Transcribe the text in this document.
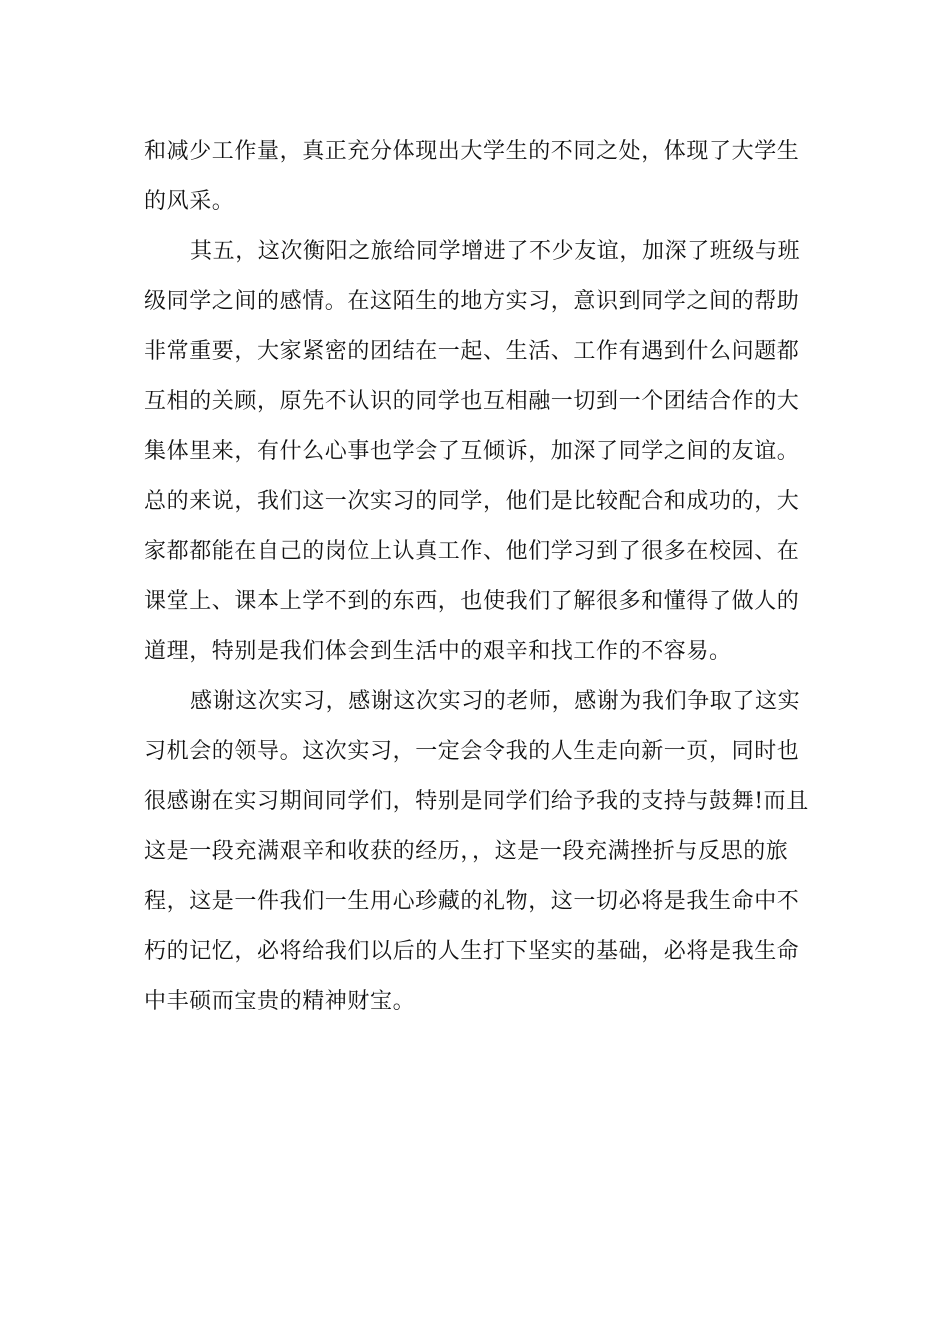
和减少工作量，真正充分体现出大学生的不同之处，体现了大学生
的风采。
其五，这次衡阳之旅给同学增进了不少友谊，加深了班级与班
级同学之间的感情。在这陌生的地方实习，意识到同学之间的帮助
非常重要，大家紧密的团结在一起、生活、工作有遇到什么问题都
互相的关顾，原先不认识的同学也互相融一切到一个团结合作的大
集体里来，有什么心事也学会了互倾诉，加深了同学之间的友谊。
总的来说，我们这一次实习的同学，他们是比较配合和成功的，大
家都都能在自己的岗位上认真工作、他们学习到了很多在校园、在
课堂上、课本上学不到的东西，也使我们了解很多和懂得了做人的
道理，特别是我们体会到生活中的艰辛和找工作的不容易。
感谢这次实习，感谢这次实习的老师，感谢为我们争取了这实
习机会的领导。这次实习，一定会令我的人生走向新一页，同时也
很感谢在实习期间同学们，特别是同学们给予我的支持与鼓舞!而且
这是一段充满艰辛和收获的经历，，这是一段充满挫折与反思的旅
程，这是一件我们一生用心珍藏的礼物，这一切必将是我生命中不
朽的记忆，必将给我们以后的人生打下坚实的基础，必将是我生命
中丰硕而宝贵的精神财宝。
